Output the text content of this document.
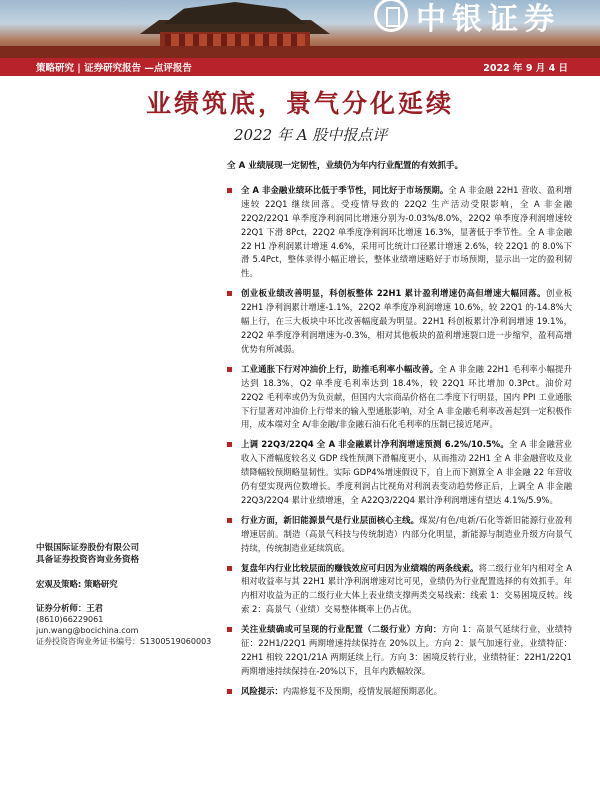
中银证券
策略研究 | 证券研究报告 —点评报告	2022 年 9 月 4 日
业绩筑底，景气分化延续
2022 年 A 股中报点评
中银国际证券股份有限公司
具备证券投资咨询业务资格
宏观及策略: 策略研究
证券分析师：王君
(8610)66229061
jun.wang@bocichina.com
证券投资咨询业务证书编号：S1300519060003

全 A 业绩展现一定韧性，业绩仍为年内行业配置的有效抓手。

全 A 非金融业绩环比低于季节性，同比好于市场预期。全 A 非金融 22H1 营收、盈利增速较 22Q1 继续回落。受疫情导致的 22Q2 生产活动受限影响，全 A 非金融 22Q2/22Q1 单季度净利润同比增速分别为-0.03%/8.0%，22Q2 单季度净利润增速较 22Q1 下滑 8Pct，22Q2 单季度净利润环比增速 16.3%，显著低于季节性。全 A 非金融 22 H1 净利润累计增速 4.6%，采用可比统计口径累计增速 2.6%，较 22Q1 的 8.0%下滑 5.4Pct，整体录得小幅正增长，整体业绩增速略好于市场预期，显示出一定的盈利韧性。

创业板业绩改善明显，科创板整体 22H1 累计盈利增速仍高但增速大幅回落。创业板 22H1 净利润累计增速-1.1%，22Q2 单季度净利润增速 10.6%，较 22Q1 的-14.8%大幅上行，在三大板块中环比改善幅度最为明显。22H1 科创板累计净利润增速 19.1%，22Q2 单季度净利润增速为-0.3%，相对其他板块的盈利增速裂口进一步缩窄，盈利高增优势有所减弱。

工业通胀下行对冲油价上行，助推毛利率小幅改善。全 A 非金融 22H1 毛利率小幅提升达到 18.3%，Q2 单季度毛利率达到 18.4%，较 22Q1 环比增加 0.3Pct。油价对 22Q2 毛利率或仍为负贡献，但国内大宗商品价格在二季度下行明显，国内 PPI 工业通胀下行显著对冲油价上行带来的输入型通胀影响，对全 A 非金融毛利率改善起到一定积极作用，成本端对全 A/非金融/非金融石油石化毛利率的压制已接近尾声。

上调 22Q3/22Q4 全 A 非金融累计净利润增速预测 6.2%/10.5%。全 A 非金融营业收入下滑幅度较名义 GDP 线性预测下滑幅度更小，从而推动 22H1 全 A 非金融营收及业绩降幅较预期略显韧性。实际 GDP4%增速假设下，自上而下测算全 A 非金融 22 年营收仍有望实现两位数增长。季度利润占比视角对利润表变动趋势修正后，上调全 A 非金融 22Q3/22Q4 累计业绩增速，全 A22Q3/22Q4 累计净利润增速有望达 4.1%/5.9%。

行业方面，新旧能源景气是行业层面核心主线。煤炭/有色/电新/石化等新旧能源行业盈利增速居前。制造（高景气科技与传统制造）内部分化明显，新能源与制造业升级方向景气持续，传统制造业延续筑底。

复盘年内行业比较层面的赚钱效应可归因为业绩端的两条线索。将二级行业年内相对全 A 相对收益率与其 22H1 累计净利润增速对比可见，业绩仍为行业配置选择的有效抓手。年内相对收益为正的二级行业大体上表业绩支撑两类交易线索：线索 1：交易困境反转。线索 2：高景气（业绩）交易整体概率上仍占优。

关注业绩确或可呈现的行业配置（二级行业）方向：方向 1：高景气延续行业，业绩特征：22H1/22Q1 两期增速持续保持在 20%以上。方向 2：景气加速行业，业绩特征：22H1 相较 22Q1/21A 两期延续上行。方向 3：困境反转行业，业绩特征：22H1/22Q1 两期增速持续保持在-20%以下，且年内跌幅较深。

风险提示：内需修复不及预期，疫情发展超预期恶化。
